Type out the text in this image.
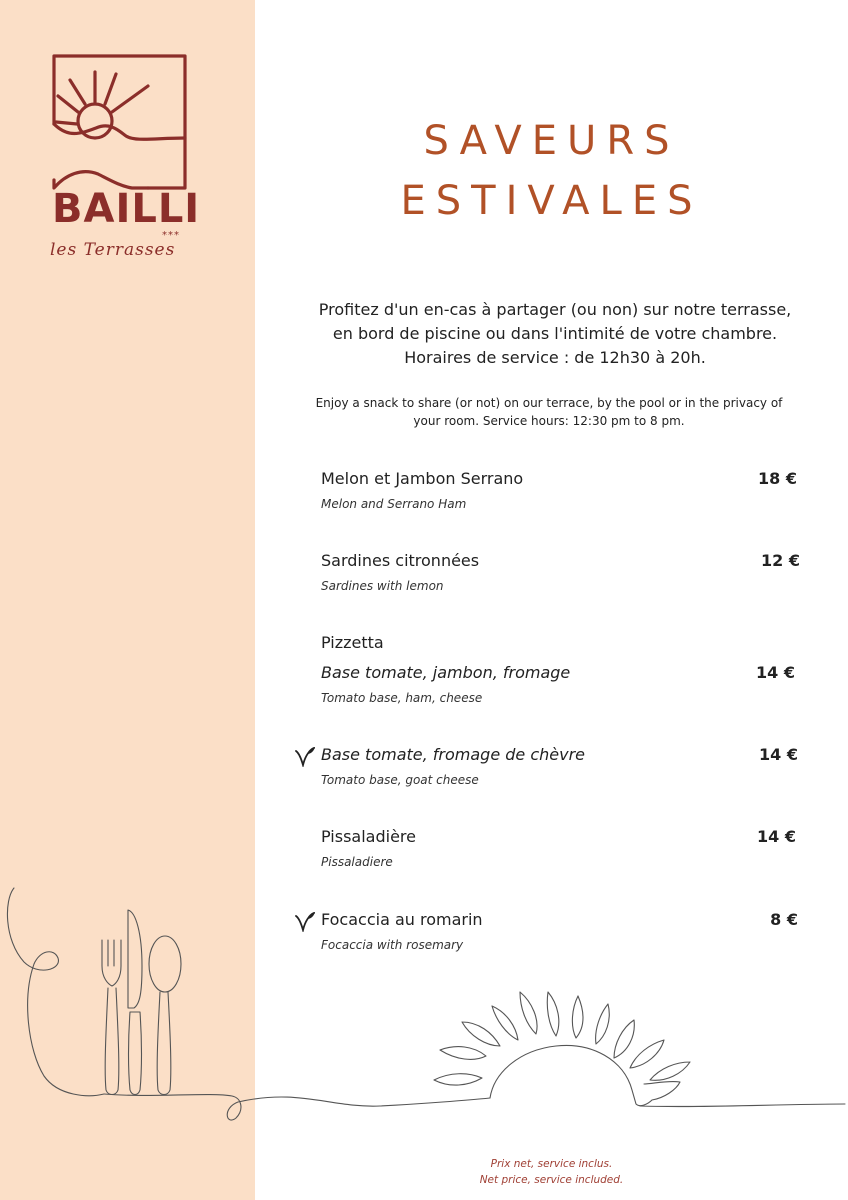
BAILLI
***
les Terrasses
SAVEURS
ESTIVALES
Profitez d'un en-cas à partager (ou non) sur notre terrasse,
en bord de piscine ou dans l'intimité de votre chambre.
Horaires de service : de 12h30 à 20h.
Enjoy a snack to share (or not) on our terrace, by the pool or in the privacy of
your room. Service hours: 12:30 pm to 8 pm.
Melon et Jambon Serrano	18 €
Melon and Serrano Ham
Sardines citronnées	12 €
Sardines with lemon
Pizzetta
Base tomate, jambon, fromage	14 €
Tomato base, ham, cheese
Base tomate, fromage de chèvre	14 €
Tomato base, goat cheese
Pissaladière	14 €
Pissaladiere
Focaccia au romarin	8 €
Focaccia with rosemary
Prix net, service inclus.
Net price, service included.
